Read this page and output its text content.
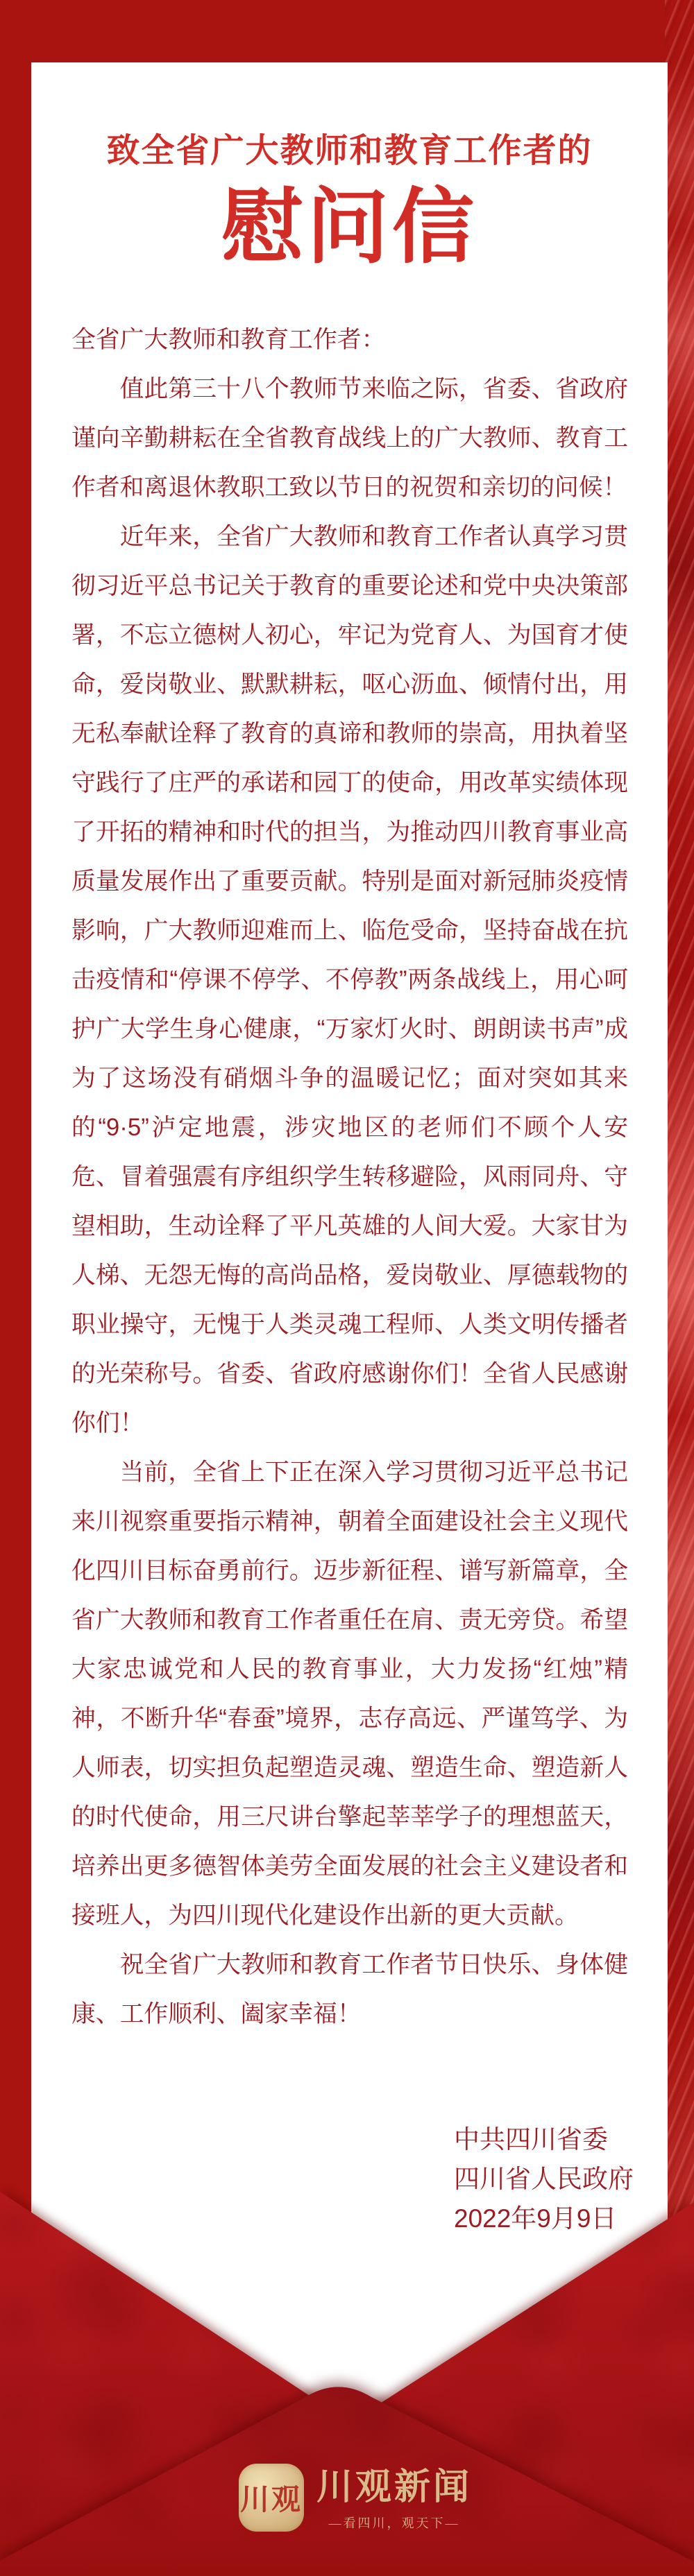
致全省广大教师和教育工作者的
慰问信

全省广大教师和教育工作者：

值此第三十八个教师节来临之际，省委、省政府谨向辛勤耕耘在全省教育战线上的广大教师、教育工作者和离退休教职工致以节日的祝贺和亲切的问候！

近年来，全省广大教师和教育工作者认真学习贯彻习近平总书记关于教育的重要论述和党中央决策部署，不忘立德树人初心，牢记为党育人、为国育才使命，爱岗敬业、默默耕耘，呕心沥血、倾情付出，用无私奉献诠释了教育的真谛和教师的崇高，用执着坚守践行了庄严的承诺和园丁的使命，用改革实绩体现了开拓的精神和时代的担当，为推动四川教育事业高质量发展作出了重要贡献。特别是面对新冠肺炎疫情影响，广大教师迎难而上、临危受命，坚持奋战在抗击疫情和“停课不停学、不停教”两条战线上，用心呵护广大学生身心健康，“万家灯火时、朗朗读书声”成为了这场没有硝烟斗争的温暖记忆；面对突如其来的“9·5”泸定地震，涉灾地区的老师们不顾个人安危、冒着强震有序组织学生转移避险，风雨同舟、守望相助，生动诠释了平凡英雄的人间大爱。大家甘为人梯、无怨无悔的高尚品格，爱岗敬业、厚德载物的职业操守，无愧于人类灵魂工程师、人类文明传播者的光荣称号。省委、省政府感谢你们！全省人民感谢你们！

当前，全省上下正在深入学习贯彻习近平总书记来川视察重要指示精神，朝着全面建设社会主义现代化四川目标奋勇前行。迈步新征程、谱写新篇章，全省广大教师和教育工作者重任在肩、责无旁贷。希望大家忠诚党和人民的教育事业，大力发扬“红烛”精神，不断升华“春蚕”境界，志存高远、严谨笃学、为人师表，切实担负起塑造灵魂、塑造生命、塑造新人的时代使命，用三尺讲台擎起莘莘学子的理想蓝天，培养出更多德智体美劳全面发展的社会主义建设者和接班人，为四川现代化建设作出新的更大贡献。

祝全省广大教师和教育工作者节日快乐、身体健康、工作顺利、阖家幸福！

中共四川省委
四川省人民政府
2022年9月9日
川观 川观新闻
—看四川，观天下—
